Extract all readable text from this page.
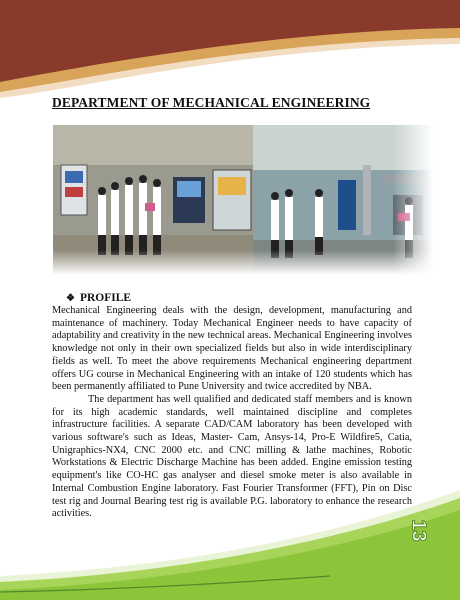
DEPARTMENT OF MECHANICAL ENGINEERING
❖ PROFILE

Mechanical Engineering deals with the design, development, manufacturing and maintenance of machinery. Today Mechanical Engineer needs to have capacity of adaptability and creativity in the new technical areas. Mechanical Engineering involves knowledge not only in their own specialized fields but also in wide interdisciplinary fields as well. To meet the above requirements Mechanical engineering department offers UG course in Mechanical Engineering with an intake of 120 students which has been permanently affiliated to Pune University and twice accredited by NBA.

The department has well qualified and dedicated staff members and is known for its high academic standards, well maintained discipline and completes infrastructure facilities. A separate CAD/CAM laboratory has been developed with various software's such as Ideas, Master- Cam, Ansys-14, Pro-E Wildfire5, Catia, Unigraphics-NX4, CNC 2000 etc. and CNC milling & lathe machines, Robotic Workstations & Electric Discharge Machine has been added. Engine emission testing equipment's like CO-HC gas analyser and diesel smoke meter is also available in Internal Combustion Engine laboratory. Fast Fourier Transformer (FFT), Pin on Disc test rig and Journal Bearing test rig is available P.G. laboratory to enhance the research activities.

13
